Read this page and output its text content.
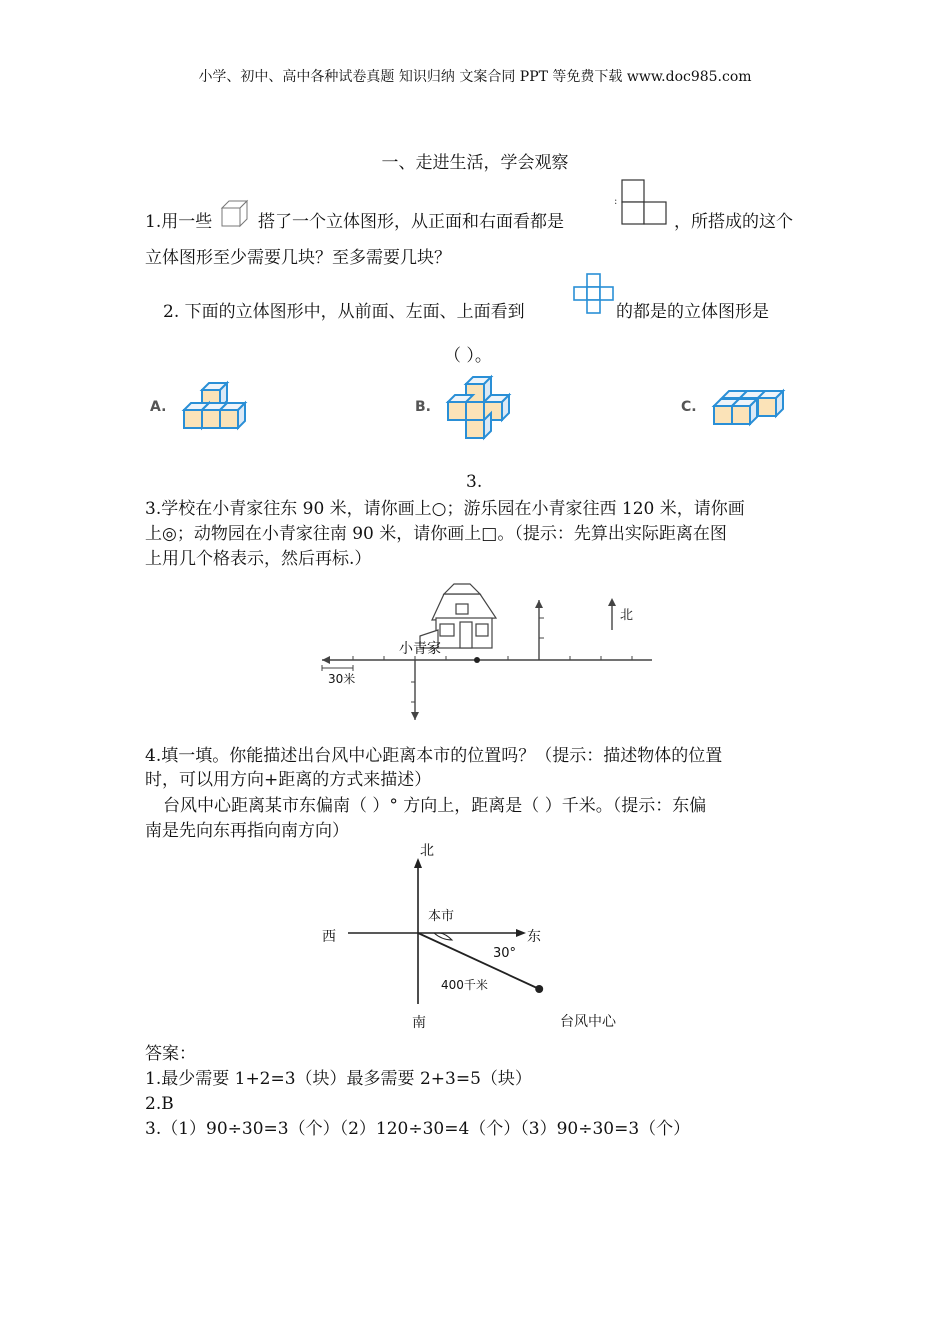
小学、初中、高中各种试卷真题 知识归纳 文案合同 PPT 等免费下载 www.doc985.com
一、走进生活，学会观察
1.用一些	搭了一个立体图形，从正面和右面看都是
:
，所搭成的这个
立体图形至少需要几块？至多需要几块？
2. 下面的立体图形中，从前面、左面、上面看到	的都是的立体图形是
（ ）。
A.	B.	C.
3.
3.学校在小青家往东 90 米，请你画上○；游乐园在小青家往西 120 米，请你画
上◎；动物园在小青家往南 90 米，请你画上□。（提示：先算出实际距离在图
上用几个格表示，然后再标.）
小青家
30米
北
4.填一填。你能描述出台风中心距离本市的位置吗？（提示：描述物体的位置
时，可以用方向+距离的方式来描述）
台风中心距离某市东偏南（ ）° 方向上，距离是（ ）千米。（提示：东偏
南是先向东再指向南方向）
北
南
西	东
本市
30°
400千米
台风中心
答案：
1.最少需要 1+2=3（块）最多需要 2+3=5（块）
2.B
3.（1）90÷30=3（个）（2）120÷30=4（个）（3）90÷30=3（个）
